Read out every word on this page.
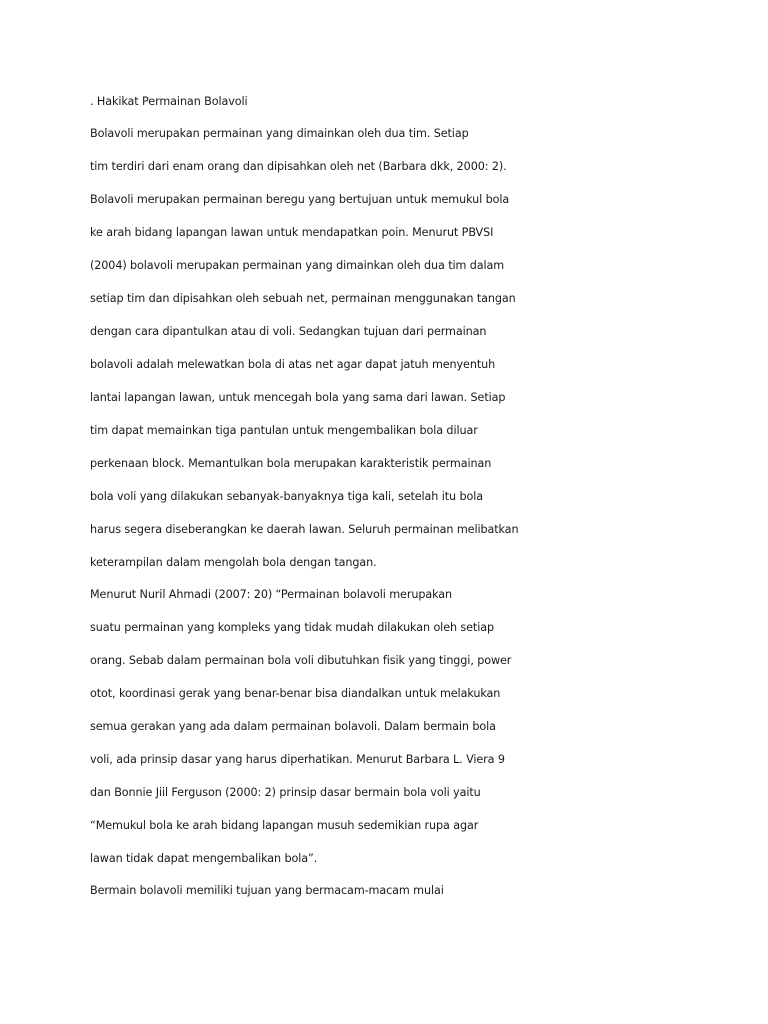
. Hakikat Permainan Bolavoli

Bolavoli merupakan permainan yang dimainkan oleh dua tim. Setiap

tim terdiri dari enam orang dan dipisahkan oleh net (Barbara dkk, 2000: 2).

Bolavoli merupakan permainan beregu yang bertujuan untuk memukul bola

ke arah bidang lapangan lawan untuk mendapatkan poin. Menurut PBVSI

(2004) bolavoli merupakan permainan yang dimainkan oleh dua tim dalam

setiap tim dan dipisahkan oleh sebuah net, permainan menggunakan tangan

dengan cara dipantulkan atau di voli. Sedangkan tujuan dari permainan

bolavoli adalah melewatkan bola di atas net agar dapat jatuh menyentuh

lantai lapangan lawan, untuk mencegah bola yang sama dari lawan. Setiap

tim dapat memainkan tiga pantulan untuk mengembalikan bola diluar

perkenaan block. Memantulkan bola merupakan karakteristik permainan

bola voli yang dilakukan sebanyak-banyaknya tiga kali, setelah itu bola

harus segera diseberangkan ke daerah lawan. Seluruh permainan melibatkan

keterampilan dalam mengolah bola dengan tangan.

Menurut Nuril Ahmadi (2007: 20) “Permainan bolavoli merupakan

suatu permainan yang kompleks yang tidak mudah dilakukan oleh setiap

orang. Sebab dalam permainan bola voli dibutuhkan fisik yang tinggi, power

otot, koordinasi gerak yang benar-benar bisa diandalkan untuk melakukan

semua gerakan yang ada dalam permainan bolavoli. Dalam bermain bola

voli, ada prinsip dasar yang harus diperhatikan. Menurut Barbara L. Viera 9

dan Bonnie Jiil Ferguson (2000: 2) prinsip dasar bermain bola voli yaitu

“Memukul bola ke arah bidang lapangan musuh sedemikian rupa agar

lawan tidak dapat mengembalikan bola”.

Bermain bolavoli memiliki tujuan yang bermacam-macam mulai
